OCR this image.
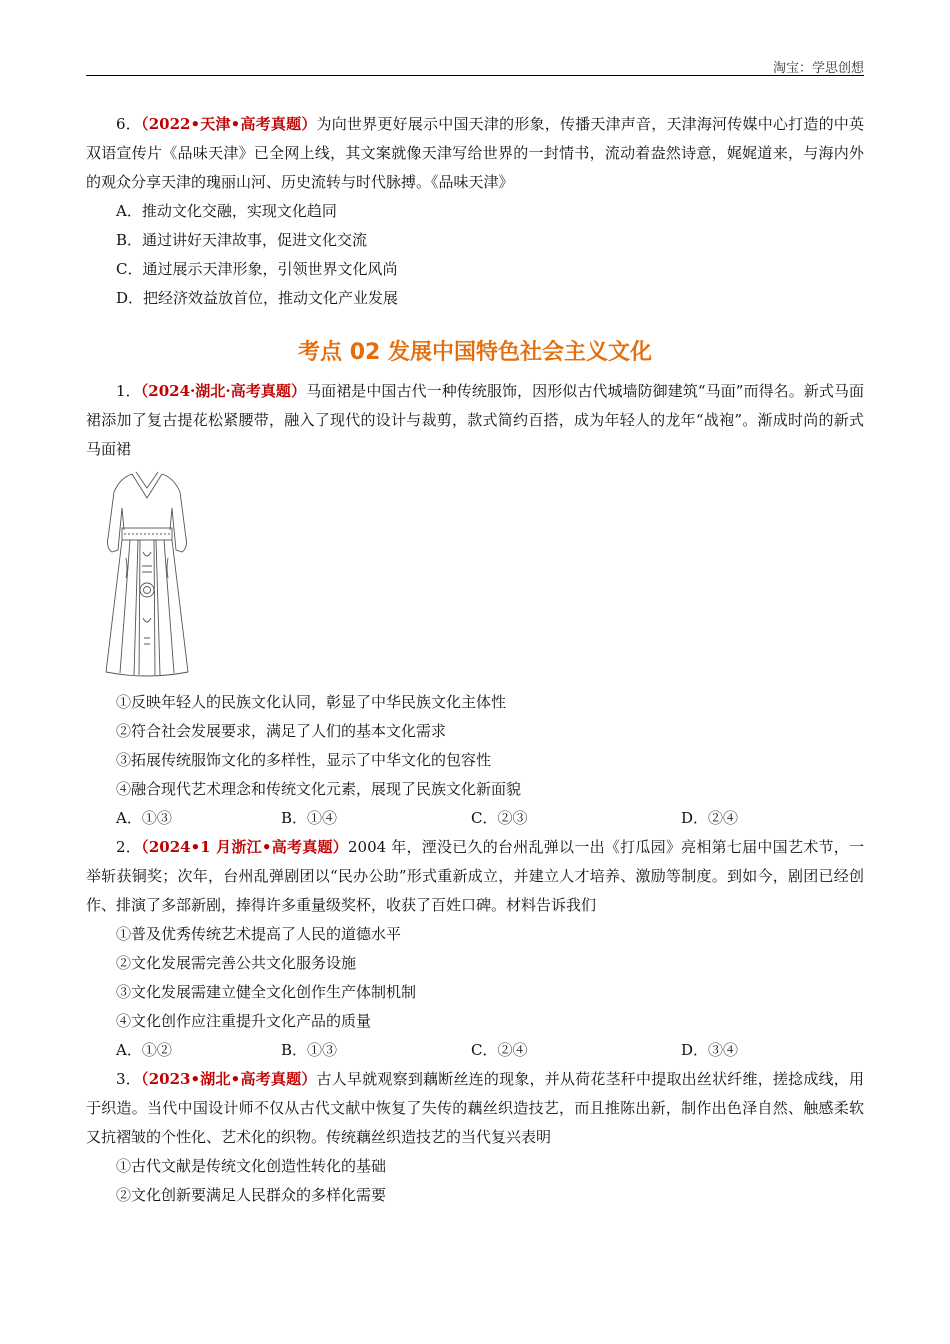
淘宝：学思创想

6．（2022•天津•高考真题）为向世界更好展示中国天津的形象，传播天津声音，天津海河传媒中心打造的中英双语宣传片《品味天津》已全网上线，其文案就像天津写给世界的一封情书，流动着盎然诗意，娓娓道来，与海内外的观众分享天津的瑰丽山河、历史流转与时代脉搏。《品味天津》

A．推动文化交融，实现文化趋同

B．通过讲好天津故事，促进文化交流

C．通过展示天津形象，引领世界文化风尚

D．把经济效益放首位，推动文化产业发展

考点 02 发展中国特色社会主义文化

1．（2024·湖北·高考真题）马面裙是中国古代一种传统服饰，因形似古代城墙防御建筑“马面”而得名。新式马面裙添加了复古提花松紧腰带，融入了现代的设计与裁剪，款式简约百搭，成为年轻人的龙年“战袍”。渐成时尚的新式马面裙

①反映年轻人的民族文化认同，彰显了中华民族文化主体性

②符合社会发展要求，满足了人们的基本文化需求

③拓展传统服饰文化的多样性，显示了中华文化的包容性

④融合现代艺术理念和传统文化元素，展现了民族文化新面貌

A．①③	B．①④	C．②③	D．②④

2．（2024•1 月浙江•高考真题）2004 年，湮没已久的台州乱弹以一出《打瓜园》亮相第七届中国艺术节，一举斩获铜奖；次年，台州乱弹剧团以“民办公助”形式重新成立，并建立人才培养、激励等制度。到如今，剧团已经创作、排演了多部新剧，捧得许多重量级奖杯，收获了百姓口碑。材料告诉我们

①普及优秀传统艺术提高了人民的道德水平

②文化发展需完善公共文化服务设施

③文化发展需建立健全文化创作生产体制机制

④文化创作应注重提升文化产品的质量

A．①②	B．①③	C．②④	D．③④

3．（2023•湖北•高考真题）古人早就观察到藕断丝连的现象，并从荷花茎秆中提取出丝状纤维，搓捻成线，用于织造。当代中国设计师不仅从古代文献中恢复了失传的藕丝织造技艺，而且推陈出新，制作出色泽自然、触感柔软又抗褶皱的个性化、艺术化的织物。传统藕丝织造技艺的当代复兴表明

①古代文献是传统文化创造性转化的基础

②文化创新要满足人民群众的多样化需要
